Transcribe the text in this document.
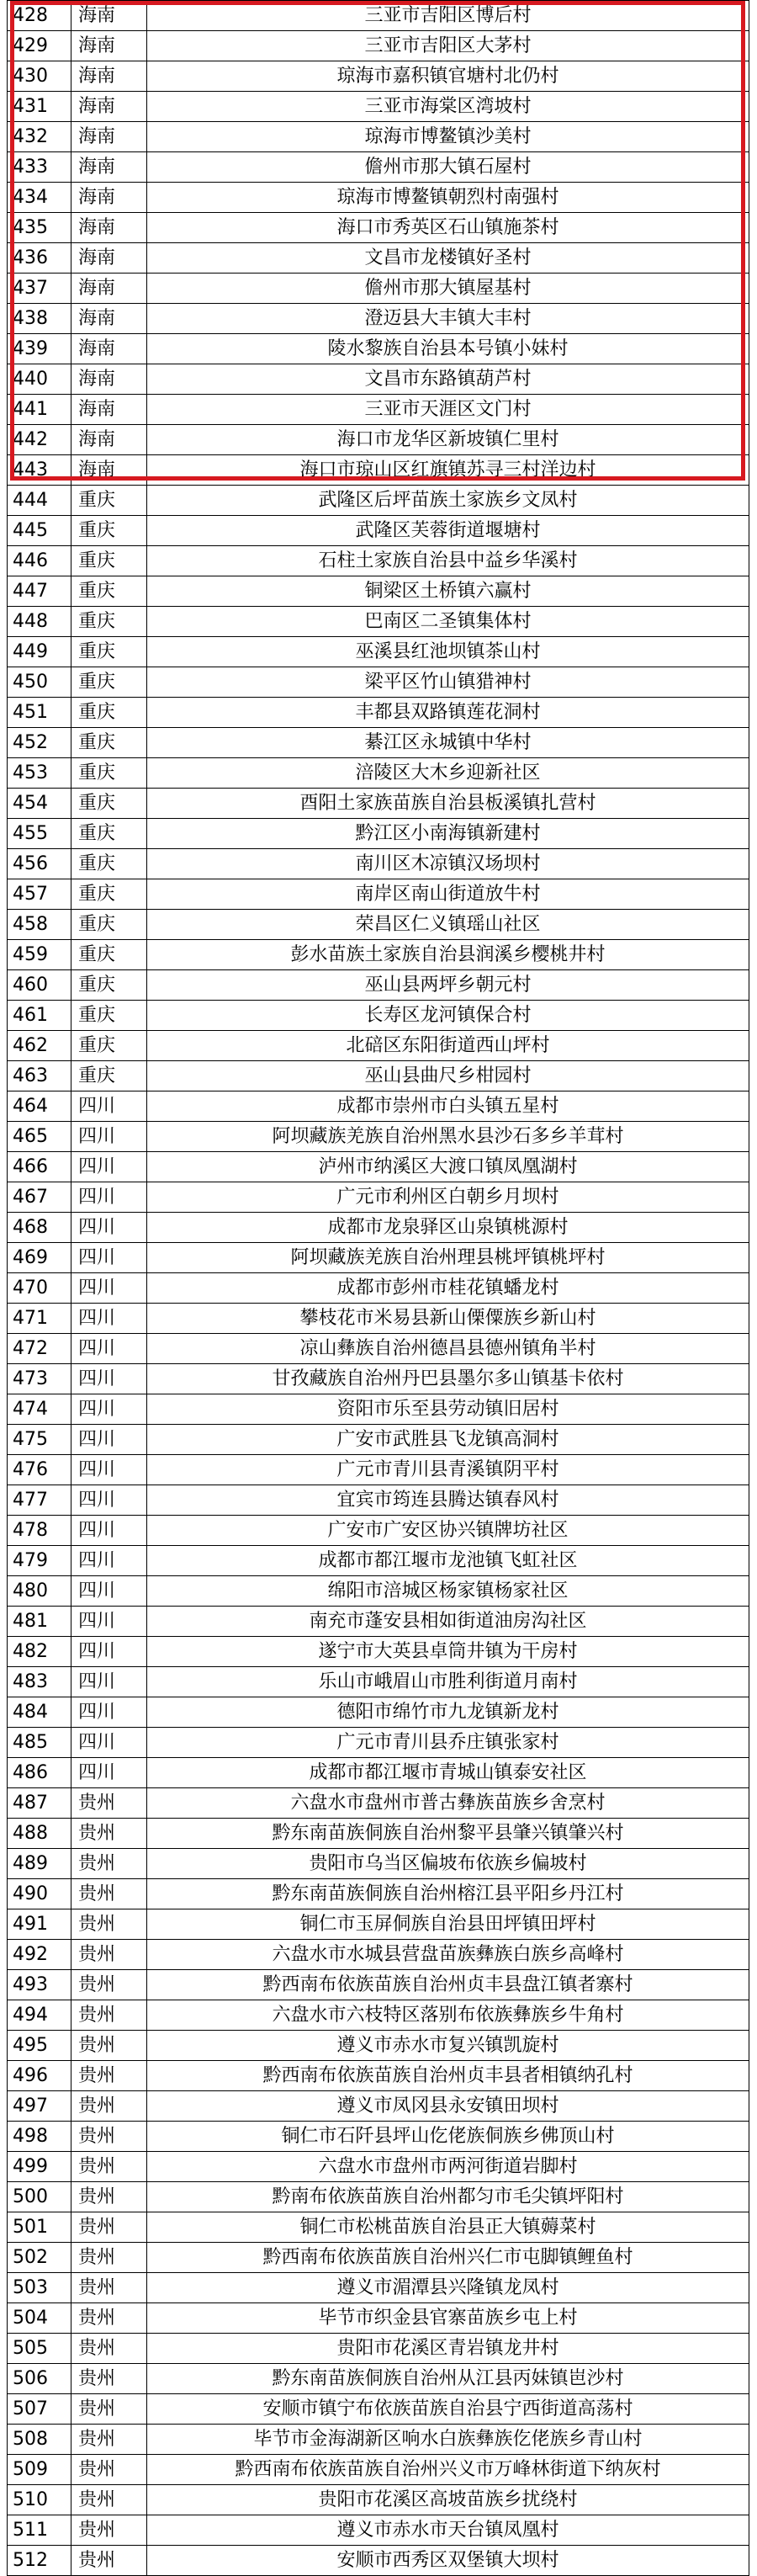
428	海南	三亚市吉阳区博后村
429	海南	三亚市吉阳区大茅村
430	海南	琼海市嘉积镇官塘村北仍村
431	海南	三亚市海棠区湾坡村
432	海南	琼海市博鳌镇沙美村
433	海南	儋州市那大镇石屋村
434	海南	琼海市博鳌镇朝烈村南强村
435	海南	海口市秀英区石山镇施茶村
436	海南	文昌市龙楼镇好圣村
437	海南	儋州市那大镇屋基村
438	海南	澄迈县大丰镇大丰村
439	海南	陵水黎族自治县本号镇小妹村
440	海南	文昌市东路镇葫芦村
441	海南	三亚市天涯区文门村
442	海南	海口市龙华区新坡镇仁里村
443	海南	海口市琼山区红旗镇苏寻三村洋边村
444	重庆	武隆区后坪苗族土家族乡文凤村
445	重庆	武隆区芙蓉街道堰塘村
446	重庆	石柱土家族自治县中益乡华溪村
447	重庆	铜梁区土桥镇六赢村
448	重庆	巴南区二圣镇集体村
449	重庆	巫溪县红池坝镇茶山村
450	重庆	梁平区竹山镇猎神村
451	重庆	丰都县双路镇莲花洞村
452	重庆	綦江区永城镇中华村
453	重庆	涪陵区大木乡迎新社区
454	重庆	酉阳土家族苗族自治县板溪镇扎营村
455	重庆	黔江区小南海镇新建村
456	重庆	南川区木凉镇汉场坝村
457	重庆	南岸区南山街道放牛村
458	重庆	荣昌区仁义镇瑶山社区
459	重庆	彭水苗族土家族自治县润溪乡樱桃井村
460	重庆	巫山县两坪乡朝元村
461	重庆	长寿区龙河镇保合村
462	重庆	北碚区东阳街道西山坪村
463	重庆	巫山县曲尺乡柑园村
464	四川	成都市崇州市白头镇五星村
465	四川	阿坝藏族羌族自治州黑水县沙石多乡羊茸村
466	四川	泸州市纳溪区大渡口镇凤凰湖村
467	四川	广元市利州区白朝乡月坝村
468	四川	成都市龙泉驿区山泉镇桃源村
469	四川	阿坝藏族羌族自治州理县桃坪镇桃坪村
470	四川	成都市彭州市桂花镇蟠龙村
471	四川	攀枝花市米易县新山傈僳族乡新山村
472	四川	凉山彝族自治州德昌县德州镇角半村
473	四川	甘孜藏族自治州丹巴县墨尔多山镇基卡依村
474	四川	资阳市乐至县劳动镇旧居村
475	四川	广安市武胜县飞龙镇高洞村
476	四川	广元市青川县青溪镇阴平村
477	四川	宜宾市筠连县腾达镇春风村
478	四川	广安市广安区协兴镇牌坊社区
479	四川	成都市都江堰市龙池镇飞虹社区
480	四川	绵阳市涪城区杨家镇杨家社区
481	四川	南充市蓬安县相如街道油房沟社区
482	四川	遂宁市大英县卓筒井镇为干房村
483	四川	乐山市峨眉山市胜利街道月南村
484	四川	德阳市绵竹市九龙镇新龙村
485	四川	广元市青川县乔庄镇张家村
486	四川	成都市都江堰市青城山镇泰安社区
487	贵州	六盘水市盘州市普古彝族苗族乡舍烹村
488	贵州	黔东南苗族侗族自治州黎平县肇兴镇肇兴村
489	贵州	贵阳市乌当区偏坡布依族乡偏坡村
490	贵州	黔东南苗族侗族自治州榕江县平阳乡丹江村
491	贵州	铜仁市玉屏侗族自治县田坪镇田坪村
492	贵州	六盘水市水城县营盘苗族彝族白族乡高峰村
493	贵州	黔西南布依族苗族自治州贞丰县盘江镇者寨村
494	贵州	六盘水市六枝特区落别布依族彝族乡牛角村
495	贵州	遵义市赤水市复兴镇凯旋村
496	贵州	黔西南布依族苗族自治州贞丰县者相镇纳孔村
497	贵州	遵义市凤冈县永安镇田坝村
498	贵州	铜仁市石阡县坪山仡佬族侗族乡佛顶山村
499	贵州	六盘水市盘州市两河街道岩脚村
500	贵州	黔南布依族苗族自治州都匀市毛尖镇坪阳村
501	贵州	铜仁市松桃苗族自治县正大镇薅菜村
502	贵州	黔西南布依族苗族自治州兴仁市屯脚镇鲤鱼村
503	贵州	遵义市湄潭县兴隆镇龙凤村
504	贵州	毕节市织金县官寨苗族乡屯上村
505	贵州	贵阳市花溪区青岩镇龙井村
506	贵州	黔东南苗族侗族自治州从江县丙妹镇岜沙村
507	贵州	安顺市镇宁布依族苗族自治县宁西街道高荡村
508	贵州	毕节市金海湖新区响水白族彝族仡佬族乡青山村
509	贵州	黔西南布依族苗族自治州兴义市万峰林街道下纳灰村
510	贵州	贵阳市花溪区高坡苗族乡扰绕村
511	贵州	遵义市赤水市天台镇凤凰村
512	贵州	安顺市西秀区双堡镇大坝村
